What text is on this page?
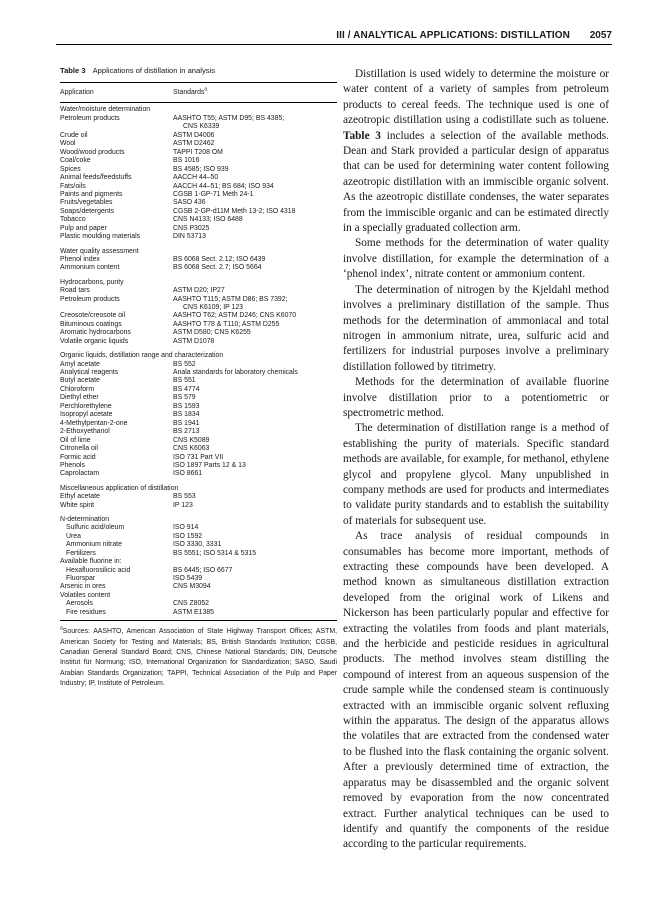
III / ANALYTICAL APPLICATIONS: DISTILLATION 2057
Table 3 Applications of distillation in analysis
Application	Standards$^a$
Water/moisture determination
Petroleum products	AASHTO T55; ASTM D95; BS 4385;
CNS K6339
Crude oil	ASTM D4006
Wool	ASTM D2462
Wood/wood products	TAPPI T208 OM
Coal/coke	BS 1016
Spices	BS 4585; ISO 939
Animal feeds/feedstuffs	AACCH 44–50
Fats/oils	AACCH 44–51; BS 684; ISO 934
Paints and pigments	CGSB 1-GP-71 Meth 24-1
Fruits/vegetables	SASO 436
Soaps/detergents	CGSB 2-GP-d11M Meth 13-2; ISO 4318
Tobacco	CNS N4133; ISO 6488
Pulp and paper	CNS P3025
Plastic moulding materials	DIN 53713
Water quality assessment
Phenol index	BS 6068 Sect. 2.12; ISO 6439
Ammonium content	BS 6068 Sect. 2.7; ISO 5664
Hydrocarbons, purity
Road tars	ASTM D20; IP27
Petroleum products	AASHTO T115; ASTM D86; BS 7392;
CNS K6109; IP 123
Creosote/creosote oil	AASHTO T62; ASTM D246; CNS K6070
Bituminous coatings	AASHTO T78 & T110; ASTM D255
Aromatic hydrocarbons	ASTM D580; CNS K6255
Volatile organic liquids	ASTM D1078
Organic liquids, distillation range and characterization
Amyl acetate	BS 552
Analytical reagents	Anala standards for laboratory chemicals
Butyl acetate	BS 551
Chloroform	BS 4774
Diethyl ether	BS 579
Perchlorethylene	BS 1593
Isopropyl acetate	BS 1834
4-Methylpentan-2-one	BS 1941
2-Ethoxyethanol	BS 2713
Oil of lime	CNS K5089
Citronella oil	CNS K6063
Formic acid	ISO 731 Part VII
Phenols	ISO 1897 Parts 12 & 13
Caprolactam	ISO 8661
Miscellaneous application of distillation
Ethyl acetate	BS 553
White spirit	IP 123
N-determination
Sulfuric acid/oleum	ISO 914
Urea	ISO 1592
Ammonium nitrate	ISO 3330, 3331
Fertilizers	BS 5551; ISO 5314 & 5315
Available fluorine in:
Hexafluorosilicic acid	BS 6445; ISO 6677
Fluorspar	ISO 5439
Arsenic in ores	CNS M3094
Volatiles content
Aerosols	CNS Z8052
Fire residues	ASTM E1385
$^a$Sources: AASHTO, American Association of State Highway Transport Offices; ASTM, American Society for Testing and Materials; BS, British Standards Institution; CGSB, Canadian General Standard Board; CNS, Chinese National Standards; DIN, Deutsche Institut für Normung; ISO, International Organization for Standardization; SASO, Saudi Arabian Standards Organization; TAPPI, Technical Association of the Pulp and Paper Industry; IP, Institute of Petroleum.

Distillation is used widely to determine the moisture or water content of a variety of samples from petroleum products to cereal feeds. The technique used is one of azeotropic distillation using a codistillate such as toluene. Table 3 includes a selection of the available methods. Dean and Stark provided a particular design of apparatus that can be used for determining water content following azeotropic distillation with an immiscible organic solvent. As the azeotropic distillate condenses, the water separates from the immiscible organic and can be estimated directly in a specially graduated collection arm.

Some methods for the determination of water quality involve distillation, for example the determination of a ‘phenol index’, nitrate content or ammonium content.

The determination of nitrogen by the Kjeldahl method involves a preliminary distillation of the sample. Thus methods for the determination of ammoniacal and total nitrogen in ammonium nitrate, urea, sulfuric acid and fertilizers for industrial purposes involve a preliminary distillation followed by titrimetry.

Methods for the determination of available fluorine involve distillation prior to a potentiometric or spectrometric method.

The determination of distillation range is a method of establishing the purity of materials. Specific standard methods are available, for example, for methanol, ethylene glycol and propylene glycol. Many unpublished in company methods are used for products and intermediates to validate purity standards and to establish the suitability of materials for subsequent use.

As trace analysis of residual compounds in consumables has become more important, methods of extracting these compounds have been developed. A method known as simultaneous distillation extraction developed from the original work of Likens and Nickerson has been particularly popular and effective for extracting the volatiles from foods and plant materials, and the herbicide and pesticide residues in agricultural products. The method involves steam distilling the compound of interest from an aqueous suspension of the crude sample while the condensed steam is continuously extracted with an immiscible organic solvent refluxing within the apparatus. The design of the apparatus allows the volatiles that are extracted from the condensed water to be flushed into the flask containing the organic solvent. After a previously determined time of extraction, the apparatus may be disassembled and the organic solvent removed by evaporation from the now concentrated extract. Further analytical techniques can be used to identify and quantify the components of the residue according to the particular requirements.
